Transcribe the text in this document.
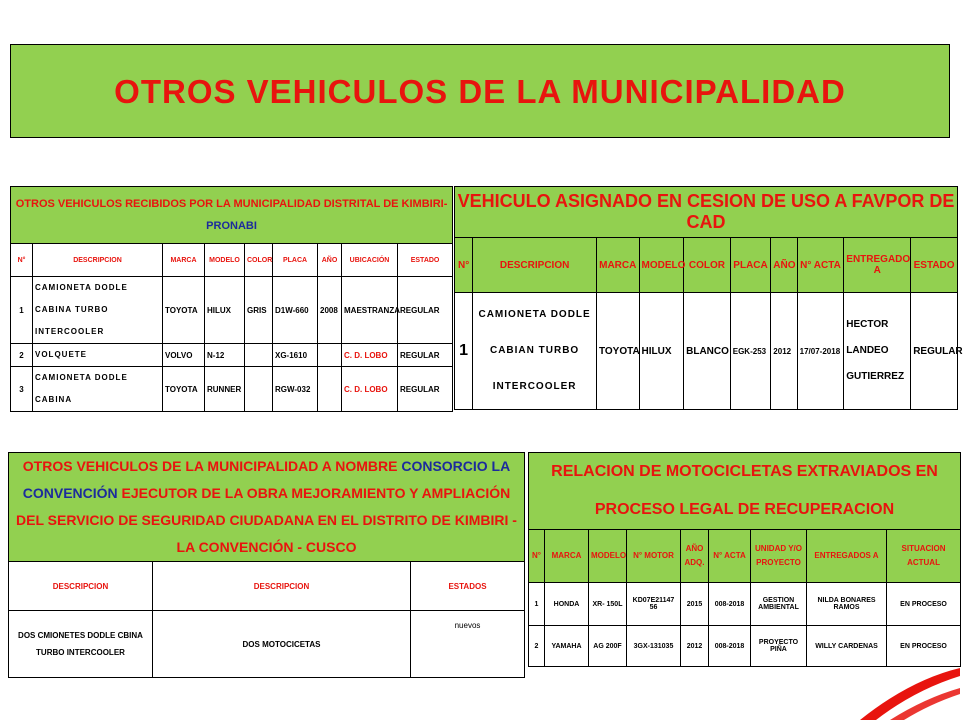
OTROS VEHICULOS DE LA MUNICIPALIDAD
OTROS VEHICULOS RECIBIDOS POR LA MUNICIPALIDAD DISTRITAL DE KIMBIRI- PRONABI								
N°	DESCRIPCION	MARCA	MODELO	COLOR	PLACA	AÑO	UBICACIÓN	ESTADO
1	CAMIONETA DODLE CABINA TURBO INTERCOOLER	TOYOTA	HILUX	GRIS	D1W-660	2008	MAESTRANZA	REGULAR
2	VOLQUETE	VOLVO	N-12		XG-1610		C. D. LOBO	REGULAR
3	CAMIONETA DODLE CABINA	TOYOTA	RUNNER		RGW-032		C. D. LOBO	REGULAR
VEHICULO ASIGNADO EN CESION DE USO A FAVPOR DE CAD									
N°	DESCRIPCION	MARCA	MODELO	COLOR	PLACA	AÑO	N° ACTA	ENTREGADO A	ESTADO
1	CAMIONETA DODLE CABIAN TURBO INTERCOOLER	TOYOTA	HILUX	BLANCO	EGK-253	2012	17/07-2018	HECTOR LANDEO GUTIERREZ	REGULAR
OTROS VEHICULOS DE LA MUNICIPALIDAD A NOMBRE CONSORCIO LA CONVENCIÓN EJECUTOR DE LA OBRA MEJORAMIENTO Y AMPLIACIÓN DEL SERVICIO DE SEGURIDAD CIUDADANA EN EL DISTRITO DE KIMBIRI - LA CONVENCIÓN - CUSCO		
DESCRIPCION	DESCRIPCION	ESTADOS
DOS CMIONETES DODLE CBINA TURBO INTERCOOLER	DOS MOTOCICETAS	nuevos
RELACION DE MOTOCICLETAS EXTRAVIADOS EN PROCESO LEGAL DE RECUPERACION								
N°	MARCA	MODELO	N° MOTOR	AÑO ADQ.	N° ACTA	UNIDAD Y/O PROYECTO	ENTREGADOS A	SITUACION ACTUAL
1	HONDA	XR- 150L	KD07E21147 56	2015	008-2018	GESTION AMBIENTAL	NILDA BONARES RAMOS	EN PROCESO
2	YAMAHA	AG 200F	3GX-131035	2012	008-2018	PROYECTO PIÑA	WILLY CARDENAS	EN PROCESO
